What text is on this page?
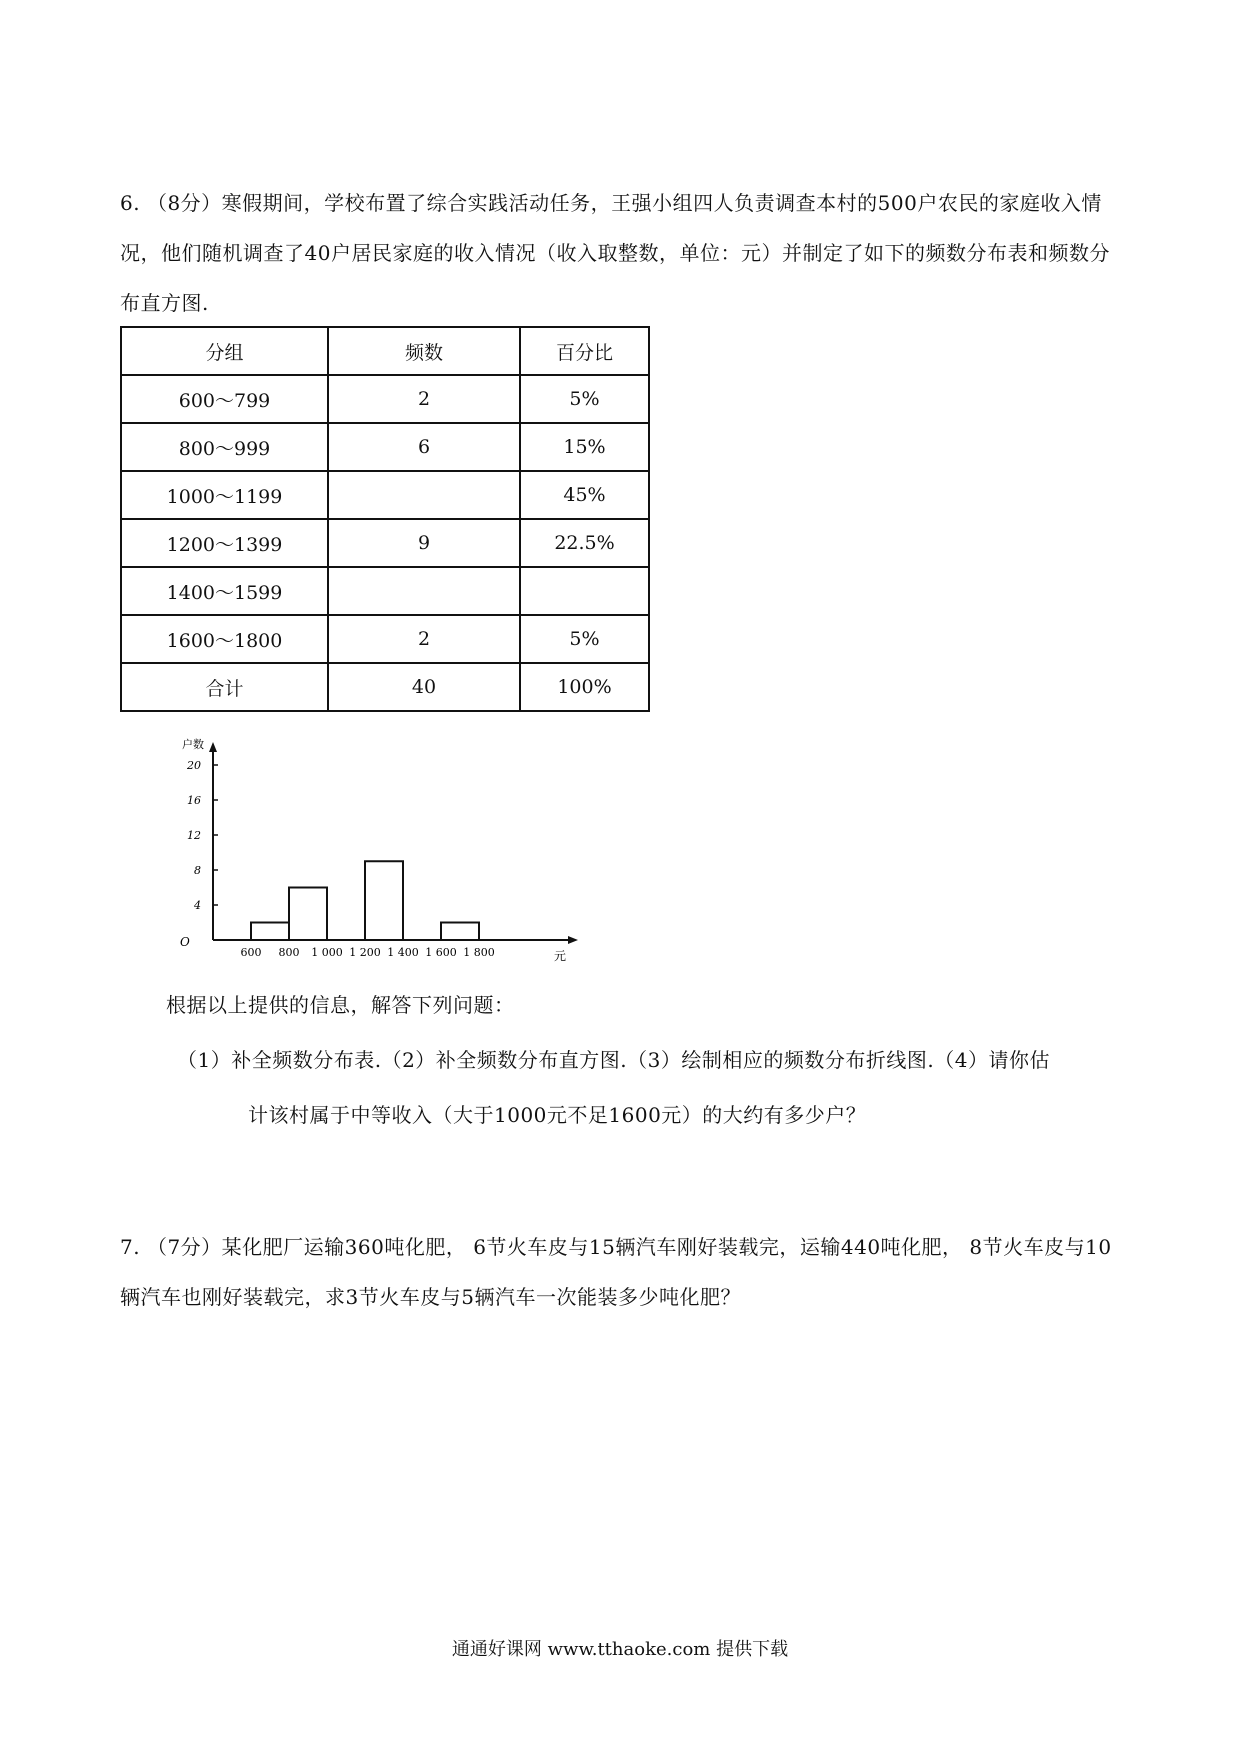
6. （8分）寒假期间，学校布置了综合实践活动任务，王强小组四人负责调查本村的500户农民的家庭收入情况，他们随机调查了40户居民家庭的收入情况（收入取整数，单位：元）并制定了如下的频数分布表和频数分布直方图.
分组	频数	百分比
600～799	2	5%
800～999	6	15%
1000～1199		45%
1200～1399	9	22.5%
1400～1599		
1600～1800	2	5%
合计	40	100%
户数
元
O
4
8
12
16
20
600 800 1 000 1 200 1 400 1 600 1 800
根据以上提供的信息，解答下列问题：
（1）补全频数分布表.（2）补全频数分布直方图.（3）绘制相应的频数分布折线图.（4）请你估
计该村属于中等收入（大于1000元不足1600元）的大约有多少户？
7. （7分）某化肥厂运输360吨化肥， 6节火车皮与15辆汽车刚好装载完，运输440吨化肥， 8节火车皮与10辆汽车也刚好装载完，求3节火车皮与5辆汽车一次能装多少吨化肥？
通通好课网 www.tthaoke.com 提供下载
